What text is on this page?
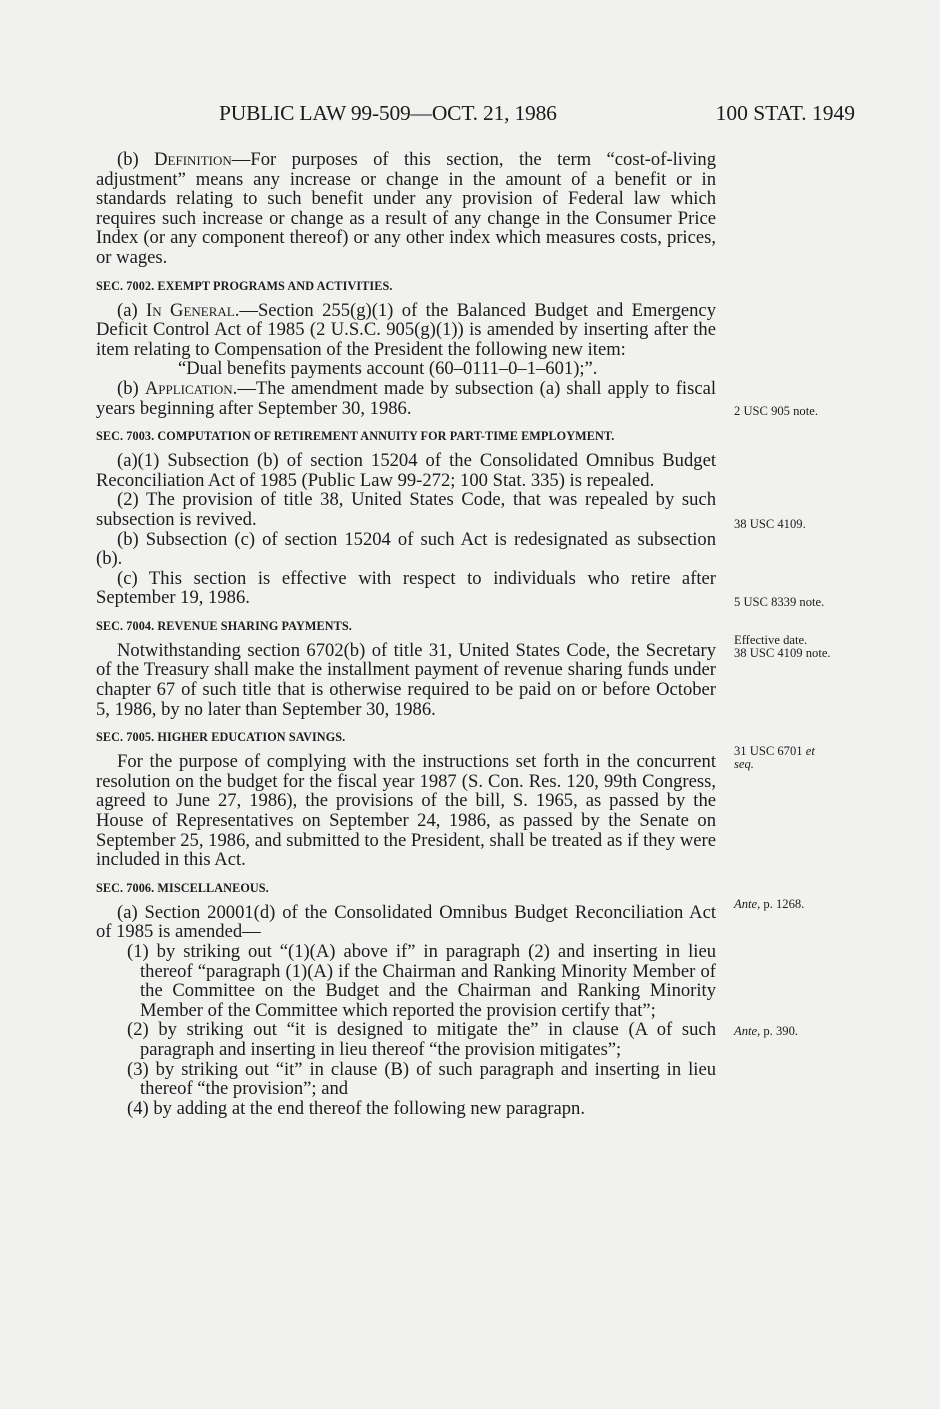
PUBLIC LAW 99-509—OCT. 21, 1986	100 STAT. 1949

(b) Definition—For purposes of this section, the term “cost-of-living adjustment” means any increase or change in the amount of a benefit or in standards relating to such benefit under any provision of Federal law which requires such increase or change as a result of any change in the Consumer Price Index (or any component thereof) or any other index which measures costs, prices, or wages.

SEC. 7002. EXEMPT PROGRAMS AND ACTIVITIES.

(a) In General.—Section 255(g)(1) of the Balanced Budget and Emergency Deficit Control Act of 1985 (2 U.S.C. 905(g)(1)) is amended by inserting after the item relating to Compensation of the President the following new item:

“Dual benefits payments account (60–0111–0–1–601);”.

(b) Application.—The amendment made by subsection (a) shall apply to fiscal years beginning after September 30, 1986.

SEC. 7003. COMPUTATION OF RETIREMENT ANNUITY FOR PART-TIME EMPLOYMENT.

(a)(1) Subsection (b) of section 15204 of the Consolidated Omnibus Budget Reconciliation Act of 1985 (Public Law 99-272; 100 Stat. 335) is repealed.

(2) The provision of title 38, United States Code, that was repealed by such subsection is revived.

(b) Subsection (c) of section 15204 of such Act is redesignated as subsection (b).

(c) This section is effective with respect to individuals who retire after September 19, 1986.

SEC. 7004. REVENUE SHARING PAYMENTS.

Notwithstanding section 6702(b) of title 31, United States Code, the Secretary of the Treasury shall make the installment payment of revenue sharing funds under chapter 67 of such title that is otherwise required to be paid on or before October 5, 1986, by no later than September 30, 1986.

SEC. 7005. HIGHER EDUCATION SAVINGS.

For the purpose of complying with the instructions set forth in the concurrent resolution on the budget for the fiscal year 1987 (S. Con. Res. 120, 99th Congress, agreed to June 27, 1986), the provisions of the bill, S. 1965, as passed by the House of Representatives on September 24, 1986, as passed by the Senate on September 25, 1986, and submitted to the President, shall be treated as if they were included in this Act.

SEC. 7006. MISCELLANEOUS.

(a) Section 20001(d) of the Consolidated Omnibus Budget Reconciliation Act of 1985 is amended—

(1) by striking out “(1)(A) above if” in paragraph (2) and inserting in lieu thereof “paragraph (1)(A) if the Chairman and Ranking Minority Member of the Committee on the Budget and the Chairman and Ranking Minority Member of the Committee which reported the provision certify that”;

(2) by striking out “it is designed to mitigate the” in clause (A of such paragraph and inserting in lieu thereof “the provision mitigates”;

(3) by striking out “it” in clause (B) of such paragraph and inserting in lieu thereof “the provision”; and

(4) by adding at the end thereof the following new paragrapn.

2 USC 905 note.
38 USC 4109.
5 USC 8339 note.
Effective date.
38 USC 4109 note.
31 USC 6701 et
seq.
Ante, p. 1268.
Ante, p. 390.
